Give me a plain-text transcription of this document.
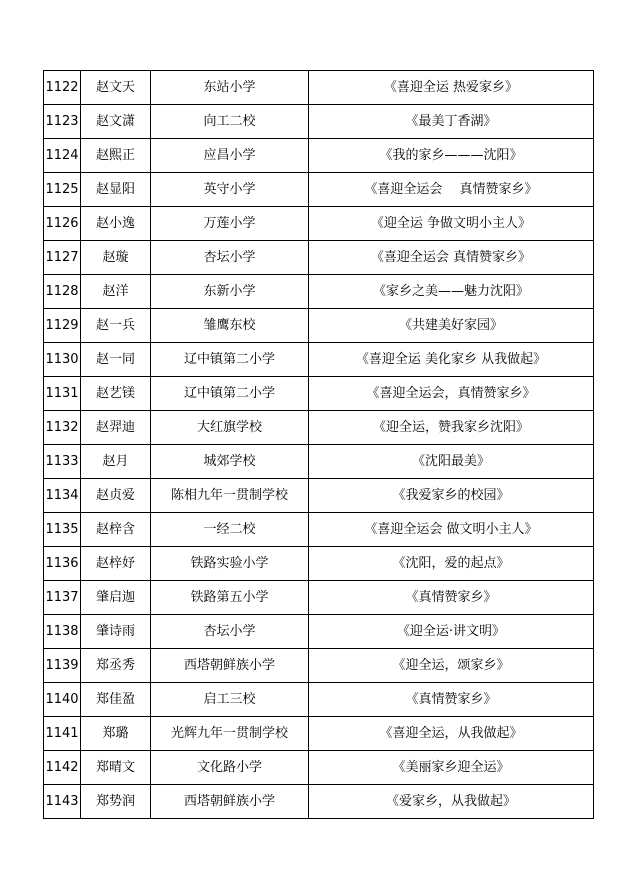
1122	赵文天	东站小学	《喜迎全运 热爱家乡》
1123	赵文潇	向工二校	《最美丁香湖》
1124	赵熙正	应昌小学	《我的家乡———沈阳》
1125	赵显阳	英守小学	《喜迎全运会　 真情赞家乡》
1126	赵小逸	万莲小学	《迎全运 争做文明小主人》
1127	赵璇	杏坛小学	《喜迎全运会 真情赞家乡》
1128	赵洋	东新小学	《家乡之美——魅力沈阳》
1129	赵一兵	雏鹰东校	《共建美好家园》
1130	赵一同	辽中镇第二小学	《喜迎全运 美化家乡 从我做起》
1131	赵艺镁	辽中镇第二小学	《喜迎全运会，真情赞家乡》
1132	赵羿迪	大红旗学校	《迎全运，赞我家乡沈阳》
1133	赵月	城郊学校	《沈阳最美》
1134	赵贞爱	陈相九年一贯制学校	《我爱家乡的校园》
1135	赵梓含	一经二校	《喜迎全运会 做文明小主人》
1136	赵梓妤	铁路实验小学	《沈阳，爱的起点》
1137	肇启迦	铁路第五小学	《真情赞家乡》
1138	肇诗雨	杏坛小学	《迎全运·讲文明》
1139	郑丞秀	西塔朝鲜族小学	《迎全运，颂家乡》
1140	郑佳盈	启工三校	《真情赞家乡》
1141	郑璐	光辉九年一贯制学校	《喜迎全运，从我做起》
1142	郑晴文	文化路小学	《美丽家乡迎全运》
1143	郑势润	西塔朝鲜族小学	《爱家乡，从我做起》
